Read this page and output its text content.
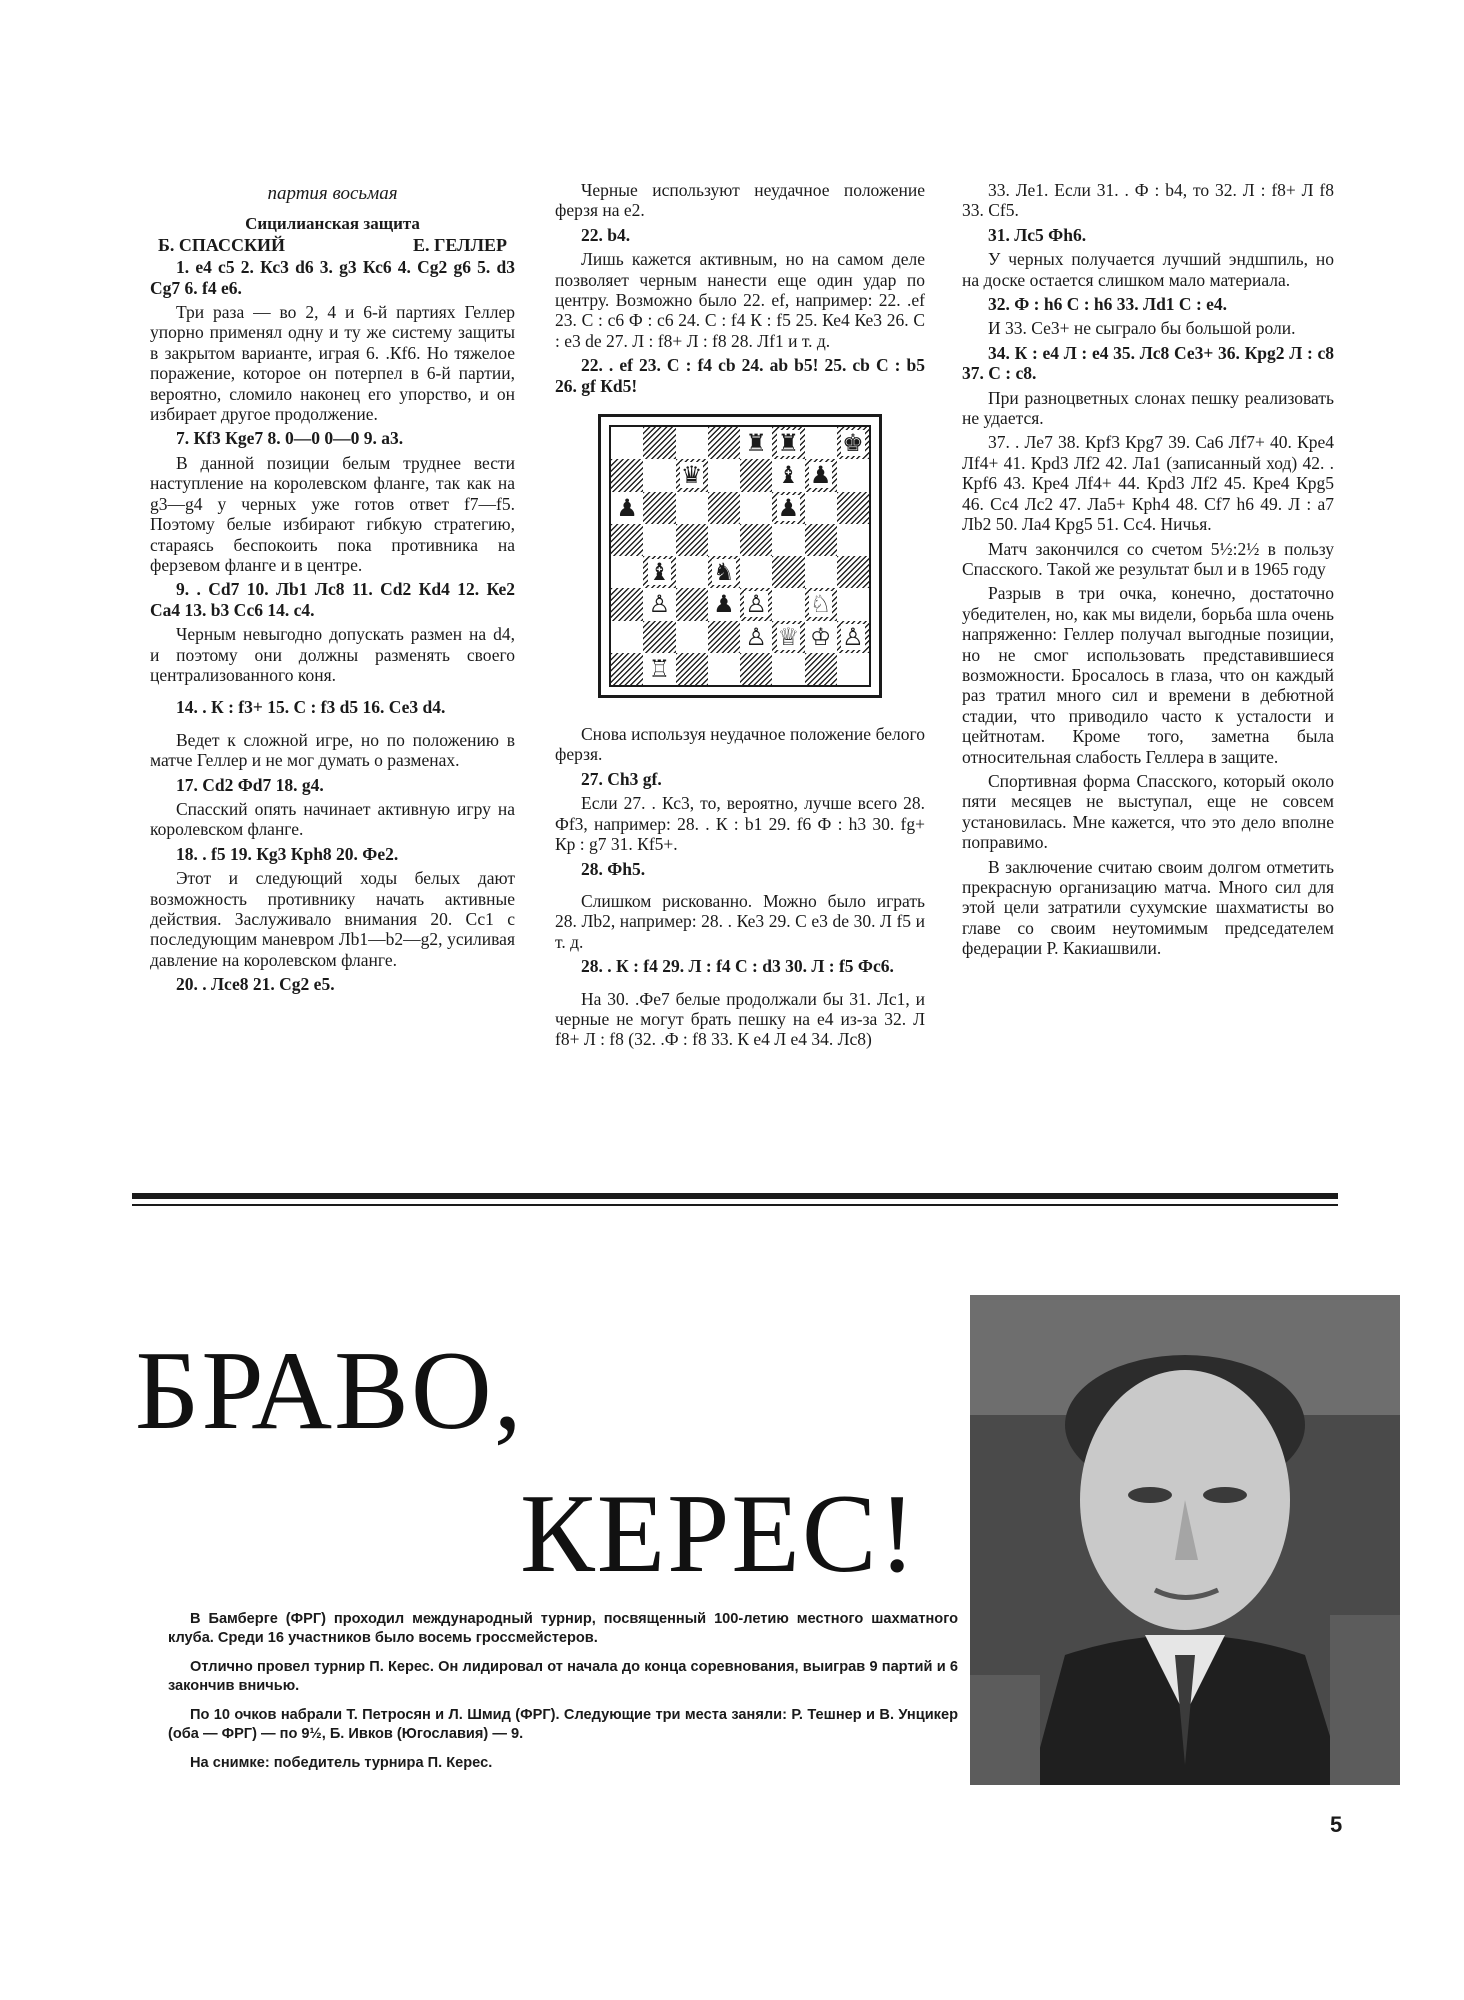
партия восьмая
Сицилианская защита
Б. СПАССКИЙ	Е. ГЕЛЛЕР

1. е4 с5 2. Кс3 d6 3. g3 Кс6 4. Cg2 g6 5. d3 Cg7 6. f4 е6.

Три раза — во 2, 4 и 6-й партиях Геллер упорно применял одну и ту же систему защиты в закрытом варианте, играя 6. .Кf6. Но тяжелое поражение, которое он потерпел в 6-й партии, вероятно, сломило наконец его упорство, и он избирает другое продолжение.

7. Кf3 Кge7 8. 0—0 0—0 9. а3.

В данной позиции белым труднее вести наступление на королевском фланге, так как на g3—g4 у черных уже готов ответ f7—f5. Поэтому белые избирают гибкую стратегию, стараясь беспокоить пока противника на ферзевом фланге и в центре.

9. . Cd7 10. Лb1 Лс8 11. Cd2 Кd4 12. Ке2 Са4 13. b3 Сс6 14. с4.

Черным невыгодно допускать размен на d4, и поэтому они должны разменять своего централизованного коня.

14. . К : f3+ 15. С : f3 d5 16. Се3 d4.

Ведет к сложной игре, но по положению в матче Геллер и не мог думать о разменах.

17. Cd2 Фd7 18. g4.

Спасский опять начинает активную игру на королевском фланге.

18. . f5 19. Кg3 Кph8 20. Фе2.

Этот и следующий ходы белых дают возможность противнику начать активные действия. Заслуживало внимания 20. Сс1 с последующим маневром Лb1—b2—g2, усиливая давление на королевском фланге.

20. . Лсе8 21. Cg2 е5.

Черные используют неудачное положение ферзя на е2.

22. b4.

Лишь кажется активным, но на самом деле позволяет черным нанести еще один удар по центру. Возможно было 22. ef, например: 22. .ef 23. С : с6 Ф : с6 24. С : f4 К : f5 25. Ке4 Ке3 26. С : е3 de 27. Л : f8+ Л : f8 28. Лf1 и т. д.

22. . ef 23. С : f4 cb 24. ab b5! 25. cb С : b5 26. gf Кd5!

♜ ♜ ♚
♛	♝ ♟
♟	♟
♝ ♞
♙ ♟ ♙ ♘
♙ ♕ ♔ ♙
♖

Снова используя неудачное положение белого ферзя.

27. Ch3 gf.

Если 27. . Кс3, то, вероятно, лучше всего 28. Фf3, например: 28. . К : b1 29. f6 Ф : h3 30. fg+ Кр : g7 31. Кf5+.

28. Фh5.

Слишком рискованно. Можно было играть 28. Лb2, например: 28. . Ке3 29. С е3 de 30. Л f5 и т. д.

28. . К : f4 29. Л : f4 С : d3 30. Л : f5 Фс6.

На 30. .Фе7 белые продолжали бы 31. Лс1, и черные не могут брать пешку на е4 из-за 32. Л f8+ Л : f8 (32. .Ф : f8 33. К е4 Л е4 34. Лс8)

33. Ле1. Если 31. . Ф : b4, то 32. Л : f8+ Л f8 33. Cf5.

31. Лс5 Фh6.

У черных получается лучший эндшпиль, но на доске остается слишком мало материала.

32. Ф : h6 С : h6 33. Лd1 С : е4.

И 33. Се3+ не сыграло бы большой роли.

34. К : е4 Л : е4 35. Лс8 Се3+ 36. Кpg2 Л : с8 37. С : с8.

При разноцветных слонах пешку реализовать не удается.

37. . Ле7 38. Кpf3 Кpg7 39. Са6 Лf7+ 40. Кре4 Лf4+ 41. Кpd3 Лf2 42. Ла1 (записанный ход) 42. . Кpf6 43. Кре4 Лf4+ 44. Кpd3 Лf2 45. Кре4 Кpg5 46. Сс4 Лс2 47. Ла5+ Кph4 48. Cf7 h6 49. Л : а7 Лb2 50. Ла4 Кpg5 51. Сс4. Ничья.

Матч закончился со счетом 5½:2½ в пользу Спасского. Такой же результат был и в 1965 году

Разрыв в три очка, конечно, достаточно убедителен, но, как мы видели, борьба шла очень напряженно: Геллер получал выгодные позиции, но не смог использовать представившиеся возможности. Бросалось в глаза, что он каждый раз тратил много сил и времени в дебютной стадии, что приводило часто к усталости и цейтнотам. Кроме того, заметна была относительная слабость Геллера в защите.

Спортивная форма Спасского, который около пяти месяцев не выступал, еще не совсем установилась. Мне кажется, что это дело вполне поправимо.

В заключение считаю своим долгом отметить прекрасную организацию матча. Много сил для этой цели затратили сухумские шахматисты во главе со своим неутомимым председателем федерации Р. Какиашвили.

БРАВО,
КЕРЕС!

В Бамберге (ФРГ) проходил международный турнир, посвященный 100-летию местного шахматного клуба. Среди 16 участников было восемь гроссмейстеров.

Отлично провел турнир П. Керес. Он лидировал от начала до конца соревнования, выиграв 9 партий и 6 закончив вничью.

По 10 очков набрали Т. Петросян и Л. Шмид (ФРГ). Следующие три места заняли: Р. Тешнер и В. Унцикер (оба — ФРГ) — по 9½, Б. Ивков (Югославия) — 9.

На снимке: победитель турнира П. Керес.

5
